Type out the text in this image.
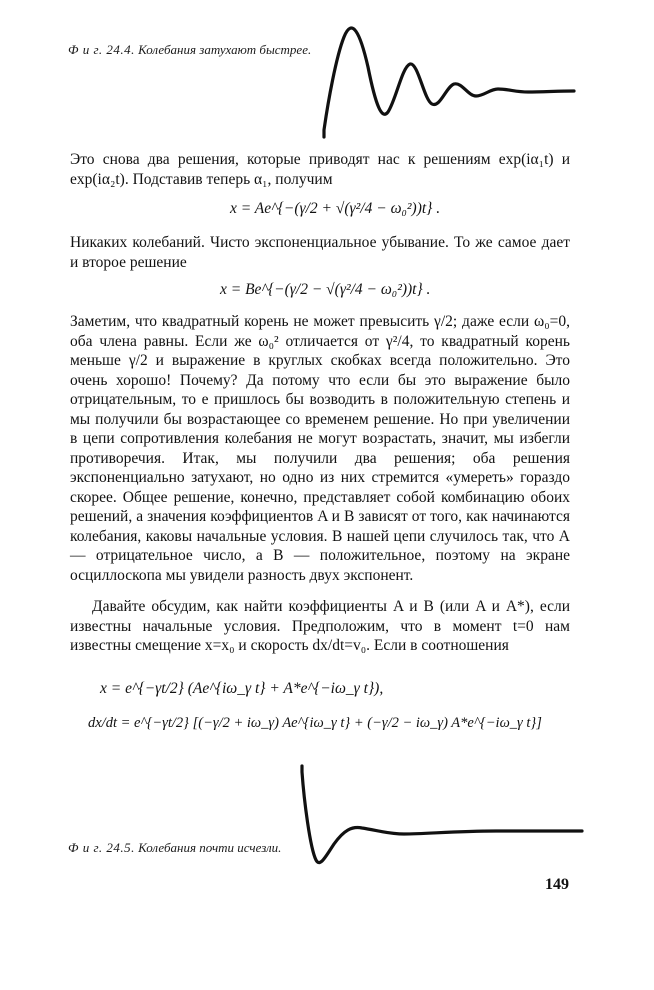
Ф и г. 24.4. Колебания затухают быстрее.

Это снова два решения, которые приводят нас к решениям exp(iα₁t) и exp(iα₂t). Подставив теперь α₁, получим

x = Ae^{−(γ/2 + √(γ²/4 − ω₀²))t} .

Никаких колебаний. Чисто экспоненциальное убывание. То же самое дает и второе решение

x = Be^{−(γ/2 − √(γ²/4 − ω₀²))t} .

Заметим, что квадратный корень не может превысить γ/2; даже если ω₀=0, оба члена равны. Если же ω₀² отличается от γ²/4, то квадратный корень меньше γ/2 и выражение в круглых скобках всегда положительно. Это очень хорошо! Почему? Да потому что если бы это выражение было отрицательным, то e пришлось бы возводить в положительную степень и мы получили бы возрастающее со временем решение. Но при увеличении в цепи сопротивления колебания не могут возрастать, значит, мы избегли противоречия. Итак, мы получили два решения; оба решения экспоненциально затухают, но одно из них стремится «умереть» гораздо скорее. Общее решение, конечно, представляет собой комбинацию обоих решений, а значения коэффициентов A и B зависят от того, как начинаются колебания, каковы начальные условия. В нашей цепи случилось так, что A — отрицательное число, а B — положительное, поэтому на экране осциллоскопа мы увидели разность двух экспонент.

Давайте обсудим, как найти коэффициенты A и B (или A и A*), если известны начальные условия. Предположим, что в момент t=0 нам известны смещение x=x₀ и скорость dx/dt=v₀. Если в соотношения

x = e^{−γt/2} (Ae^{iω_γ t} + A*e^{−iω_γ t}),
dx/dt = e^{−γt/2} [(−γ/2 + iω_γ) Ae^{iω_γ t} + (−γ/2 − iω_γ) A*e^{−iω_γ t}]
Ф и г. 24.5. Колебания почти исчезли.
149
